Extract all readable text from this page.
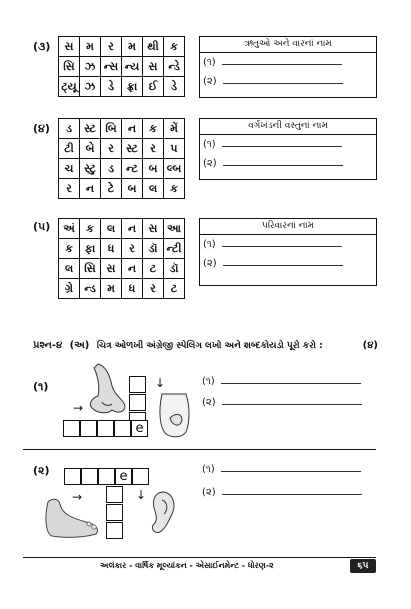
(૩) સ	મ	ર	મ	થી	ક
સિ	ઝ	ન્સ	ન્ય	સ	ન્ડે
ટ્યૂ	ઝ	ડે	ફ્રા	ઈ	ડે
ઋતુઓ અને વારનાં નામ
(૧)
(૨)
(૪) ડ	સ્ટ	બિ	ન	ક	મેં
ટી	બે	ર	સ્ટ	ર	પ
ચ	સ્ટુ	ડ	ન્ટ	બ	લ્બ
ર	ન	ટે	બ	લ	ક
વર્ગખંડની વસ્તુનાં નામ
(૧)
(૨)
(૫) અં	ક	લ	ન	સ	આ
ક	ફા	ધ	ર	ડૉ	ન્ટી
લ	સિ	સ	ન	ટ	ડૉ
ગ્રે	ન્ડ	મ	ધ	ર	ટ
પરિવારનાં નામ
(૧)
(૨)
પ્રશ્ન-૪ (અ) ચિત્ર ઓળખી અંગ્રેજી સ્પેલિંગ લખો અને શબ્દકોયડો પૂરો કરો :	(૪)
(૧)
e
↓
→
(૧)
(૨)
(૨)	e
↓
→
(૧)
(૨)
અલંકાર - વાર્ષિક મૂલ્યાંકન - એસાઈનમેન્ટ - ધોરણ-૨	૬૫
